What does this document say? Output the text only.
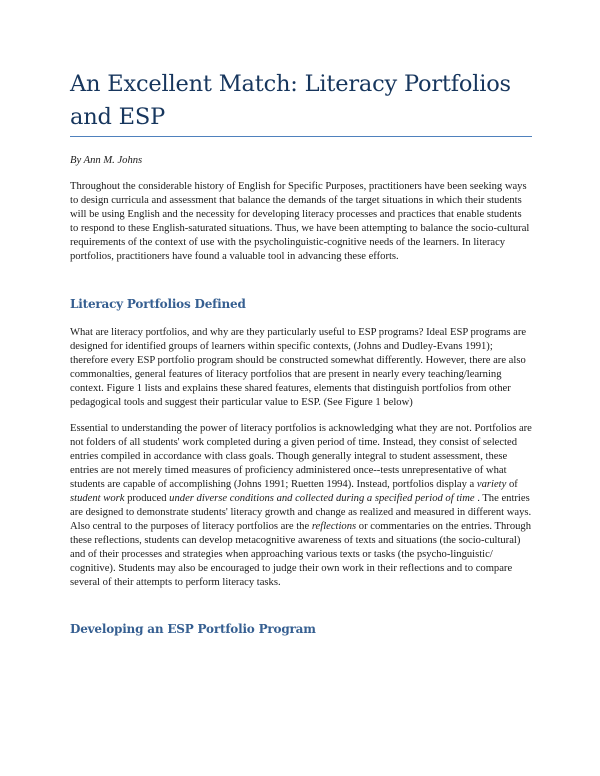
An Excellent Match: Literacy Portfolios and ESP
By Ann M. Johns

Throughout the considerable history of English for Specific Purposes, practitioners have been seeking ways to design curricula and assessment that balance the demands of the target situations in which their students will be using English and the necessity for developing literacy processes and practices that enable students to respond to these English-saturated situations. Thus, we have been attempting to balance the socio-cultural requirements of the context of use with the psycholinguistic-cognitive needs of the learners. In literacy portfolios, practitioners have found a valuable tool in advancing these efforts.

Literacy Portfolios Defined

What are literacy portfolios, and why are they particularly useful to ESP programs? Ideal ESP programs are designed for identified groups of learners within specific contexts, (Johns and Dudley-Evans 1991); therefore every ESP portfolio program should be constructed somewhat differently. However, there are also commonalties, general features of literacy portfolios that are present in nearly every teaching/learning context. Figure 1 lists and explains these shared features, elements that distinguish portfolios from other pedagogical tools and suggest their particular value to ESP. (See Figure 1 below)

Essential to understanding the power of literacy portfolios is acknowledging what they are not. Portfolios are not folders of all students' work completed during a given period of time. Instead, they consist of selected entries compiled in accordance with class goals. Though generally integral to student assessment, these entries are not merely timed measures of proficiency administered once--tests unrepresentative of what students are capable of accomplishing (Johns 1991; Ruetten 1994). Instead, portfolios display a variety of student work produced under diverse conditions and collected during a specified period of time . The entries are designed to demonstrate students' literacy growth and change as realized and measured in different ways. Also central to the purposes of literacy portfolios are the reflections or commentaries on the entries. Through these reflections, students can develop metacognitive awareness of texts and situations (the socio-cultural) and of their processes and strategies when approaching various texts or tasks (the psycho-linguistic/ cognitive). Students may also be encouraged to judge their own work in their reflections and to compare several of their attempts to perform literacy tasks.

Developing an ESP Portfolio Program
